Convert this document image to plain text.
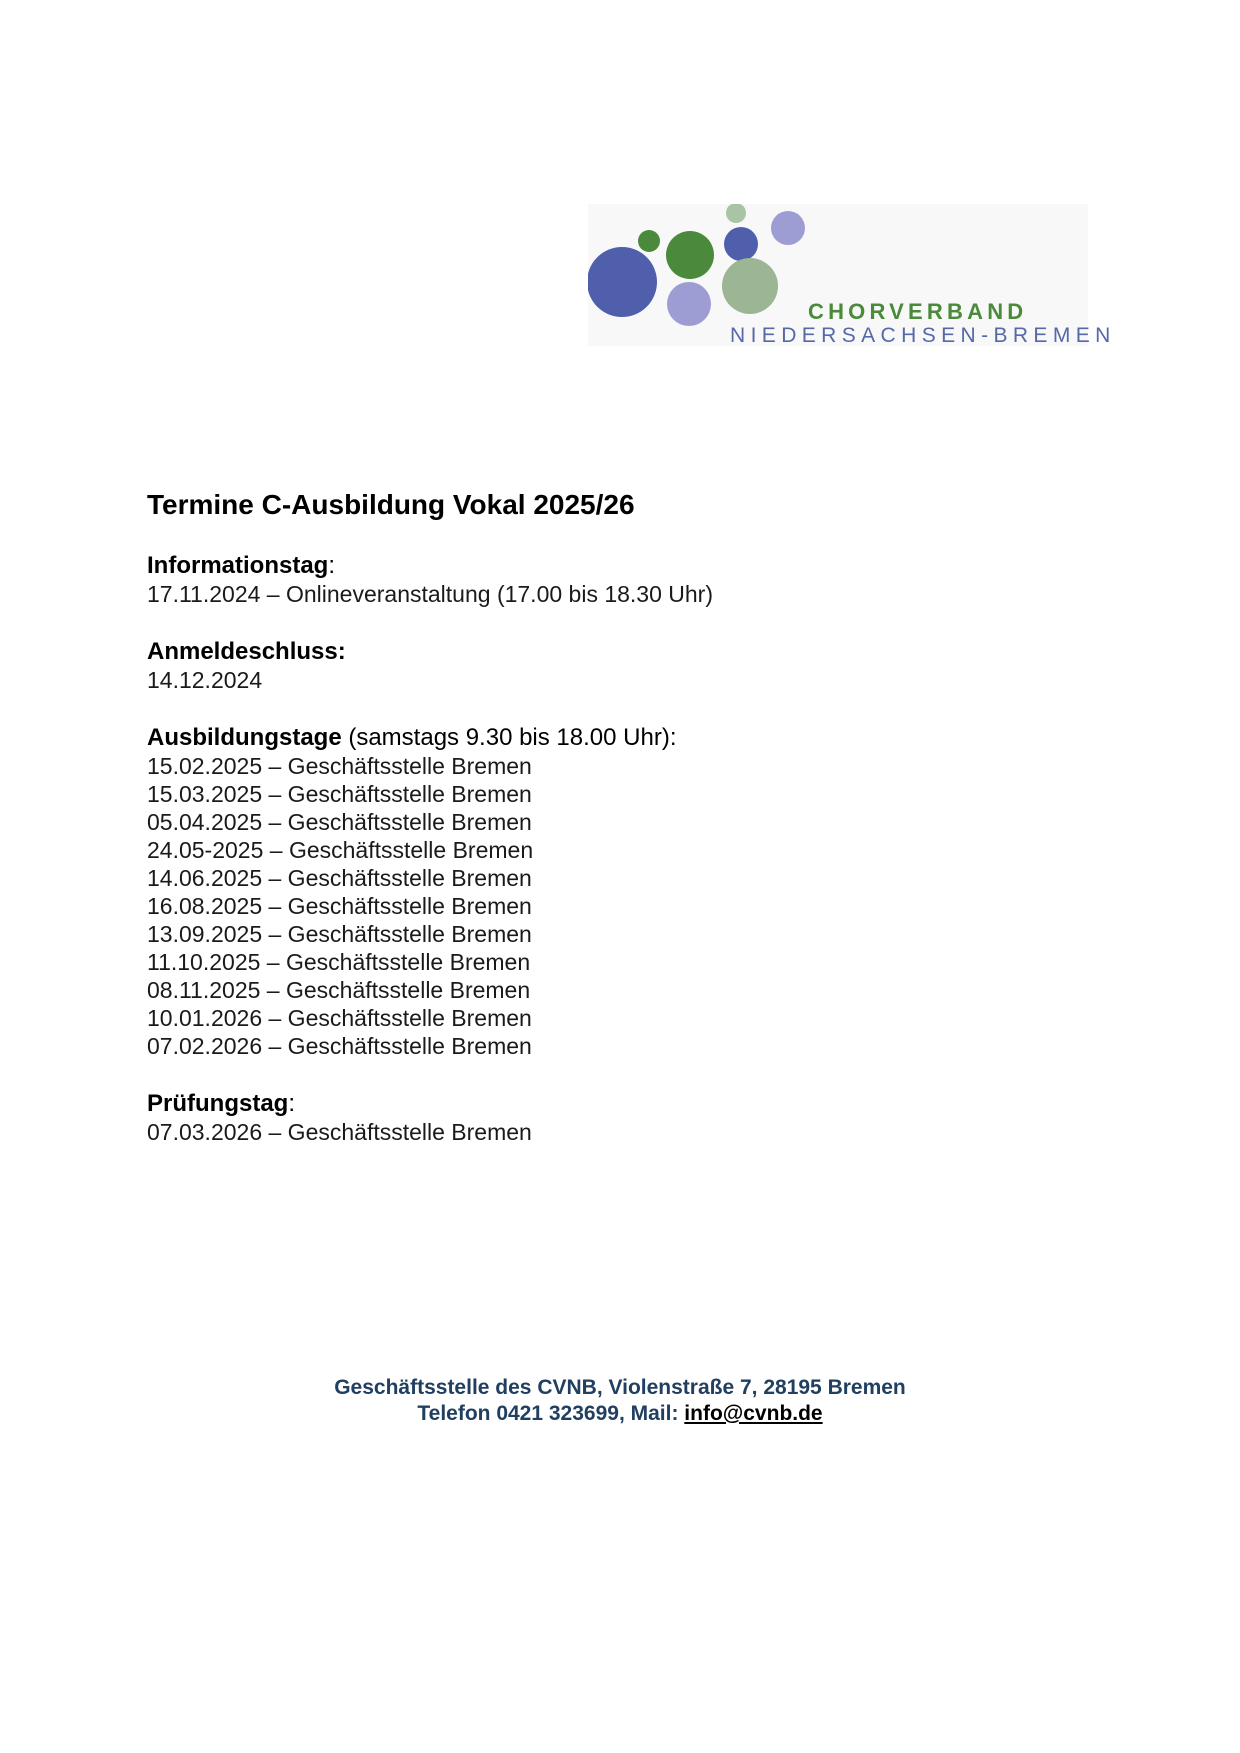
CHORVERBAND
NIEDERSACHSEN-BREMEN
Termine C-Ausbildung Vokal 2025/26
Informationstag:
17.11.2024 – Onlineveranstaltung (17.00 bis 18.30 Uhr)
Anmeldeschluss:
14.12.2024
Ausbildungstage (samstags 9.30 bis 18.00 Uhr):
15.02.2025 – Geschäftsstelle Bremen
15.03.2025 – Geschäftsstelle Bremen
05.04.2025 – Geschäftsstelle Bremen
24.05-2025 – Geschäftsstelle Bremen
14.06.2025 – Geschäftsstelle Bremen
16.08.2025 – Geschäftsstelle Bremen
13.09.2025 – Geschäftsstelle Bremen
11.10.2025 – Geschäftsstelle Bremen
08.11.2025 – Geschäftsstelle Bremen
10.01.2026 – Geschäftsstelle Bremen
07.02.2026 – Geschäftsstelle Bremen
Prüfungstag:
07.03.2026 – Geschäftsstelle Bremen
Geschäftsstelle des CVNB, Violenstraße 7, 28195 Bremen
Telefon 0421 323699, Mail: info@cvnb.de
